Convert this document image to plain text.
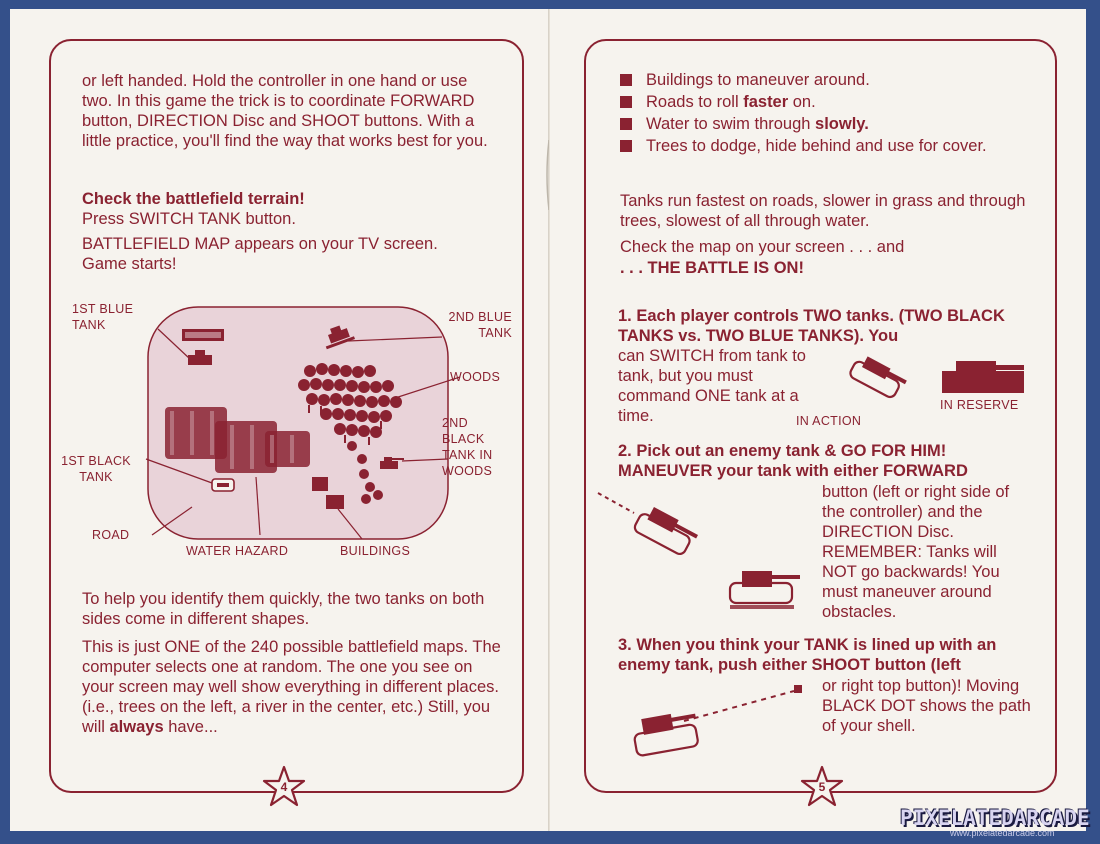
or left handed. Hold the controller in one hand or use two. In this game the trick is to coordinate FORWARD button, DIRECTION Disc and SHOOT buttons. With a little practice, you'll find the way that works best for you.
Check the battlefield terrain!
Press SWITCH TANK button.
BATTLEFIELD MAP appears on your TV screen. Game starts!
1ST BLUE TANK
2ND BLUE TANK
WOODS
2ND BLACK TANK IN WOODS
1ST BLACK TANK
ROAD
WATER HAZARD	BUILDINGS
To help you identify them quickly, the two tanks on both sides come in different shapes.
This is just ONE of the 240 possible battlefield maps. The computer selects one at random. The one you see on your screen may well show everything in different places. (i.e., trees on the left, a river in the center, etc.) Still, you will always have...
4
Buildings to maneuver around.
Roads to roll faster on.
Water to swim through slowly.
Trees to dodge, hide behind and use for cover.
Tanks run fastest on roads, slower in grass and through trees, slowest of all through water.
Check the map on your screen . . . and
. . . THE BATTLE IS ON!
1. Each player controls TWO tanks. (TWO BLACK TANKS vs. TWO BLUE TANKS). You
can SWITCH from tank to tank, but you must command ONE tank at a time.	IN ACTION
IN RESERVE
2. Pick out an enemy tank & GO FOR HIM! MANEUVER your tank with either FORWARD
button (left or right side of the controller) and the DIRECTION Disc. REMEMBER: Tanks will NOT go backwards! You must maneuver around obstacles.
3. When you think your TANK is lined up with an enemy tank, push either SHOOT button (left
or right top button)! Moving BLACK DOT shows the path of your shell.
5
PIXELATEDARCADE
www.pixelatedarcade.com
